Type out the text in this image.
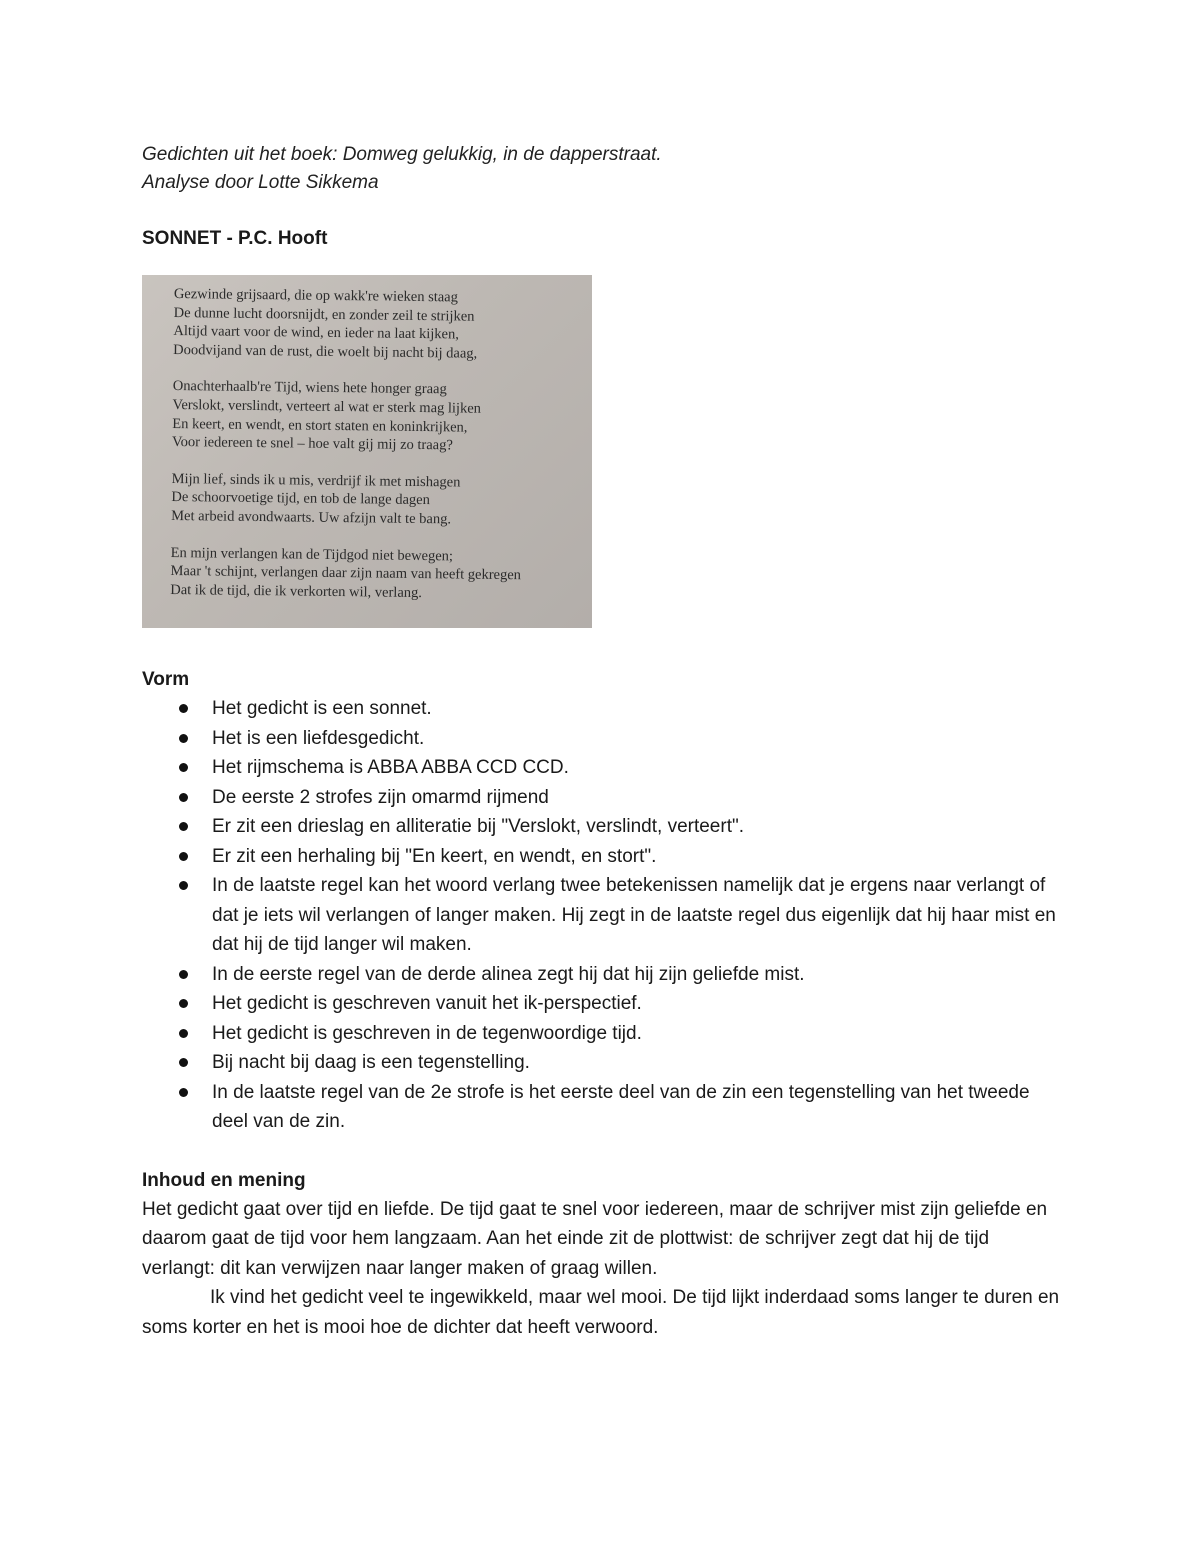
Gedichten uit het boek: Domweg gelukkig, in de dapperstraat.
Analyse door Lotte Sikkema
SONNET - P.C. Hooft
Gezwinde grijsaard, die op wakk're wieken staag
De dunne lucht doorsnijdt, en zonder zeil te strijken
Altijd vaart voor de wind, en ieder na laat kijken,
Doodvijand van de rust, die woelt bij nacht bij daag,
Onachterhaalb're Tijd, wiens hete honger graag
Verslokt, verslindt, verteert al wat er sterk mag lijken
En keert, en wendt, en stort staten en koninkrijken,
Voor iedereen te snel – hoe valt gij mij zo traag?
Mijn lief, sinds ik u mis, verdrijf ik met mishagen
De schoorvoetige tijd, en tob de lange dagen
Met arbeid avondwaarts. Uw afzijn valt te bang.
En mijn verlangen kan de Tijdgod niet bewegen;
Maar 't schijnt, verlangen daar zijn naam van heeft gekregen
Dat ik de tijd, die ik verkorten wil, verlang.
Vorm
Het gedicht is een sonnet.
Het is een liefdesgedicht.
Het rijmschema is ABBA ABBA CCD CCD.
De eerste 2 strofes zijn omarmd rijmend
Er zit een drieslag en alliteratie bij "Verslokt, verslindt, verteert".
Er zit een herhaling bij "En keert, en wendt, en stort".
In de laatste regel kan het woord verlang twee betekenissen namelijk dat je ergens naar verlangt of dat je iets wil verlangen of langer maken. Hij zegt in de laatste regel dus eigenlijk dat hij haar mist en dat hij de tijd langer wil maken.
In de eerste regel van de derde alinea zegt hij dat hij zijn geliefde mist.
Het gedicht is geschreven vanuit het ik-perspectief.
Het gedicht is geschreven in de tegenwoordige tijd.
Bij nacht bij daag is een tegenstelling.
In de laatste regel van de 2e strofe is het eerste deel van de zin een tegenstelling van het tweede deel van de zin.
Inhoud en mening
Het gedicht gaat over tijd en liefde. De tijd gaat te snel voor iedereen, maar de schrijver mist zijn geliefde en daarom gaat de tijd voor hem langzaam. Aan het einde zit de plottwist: de schrijver zegt dat hij de tijd verlangt: dit kan verwijzen naar langer maken of graag willen.
Ik vind het gedicht veel te ingewikkeld, maar wel mooi. De tijd lijkt inderdaad soms langer te duren en soms korter en het is mooi hoe de dichter dat heeft verwoord.
